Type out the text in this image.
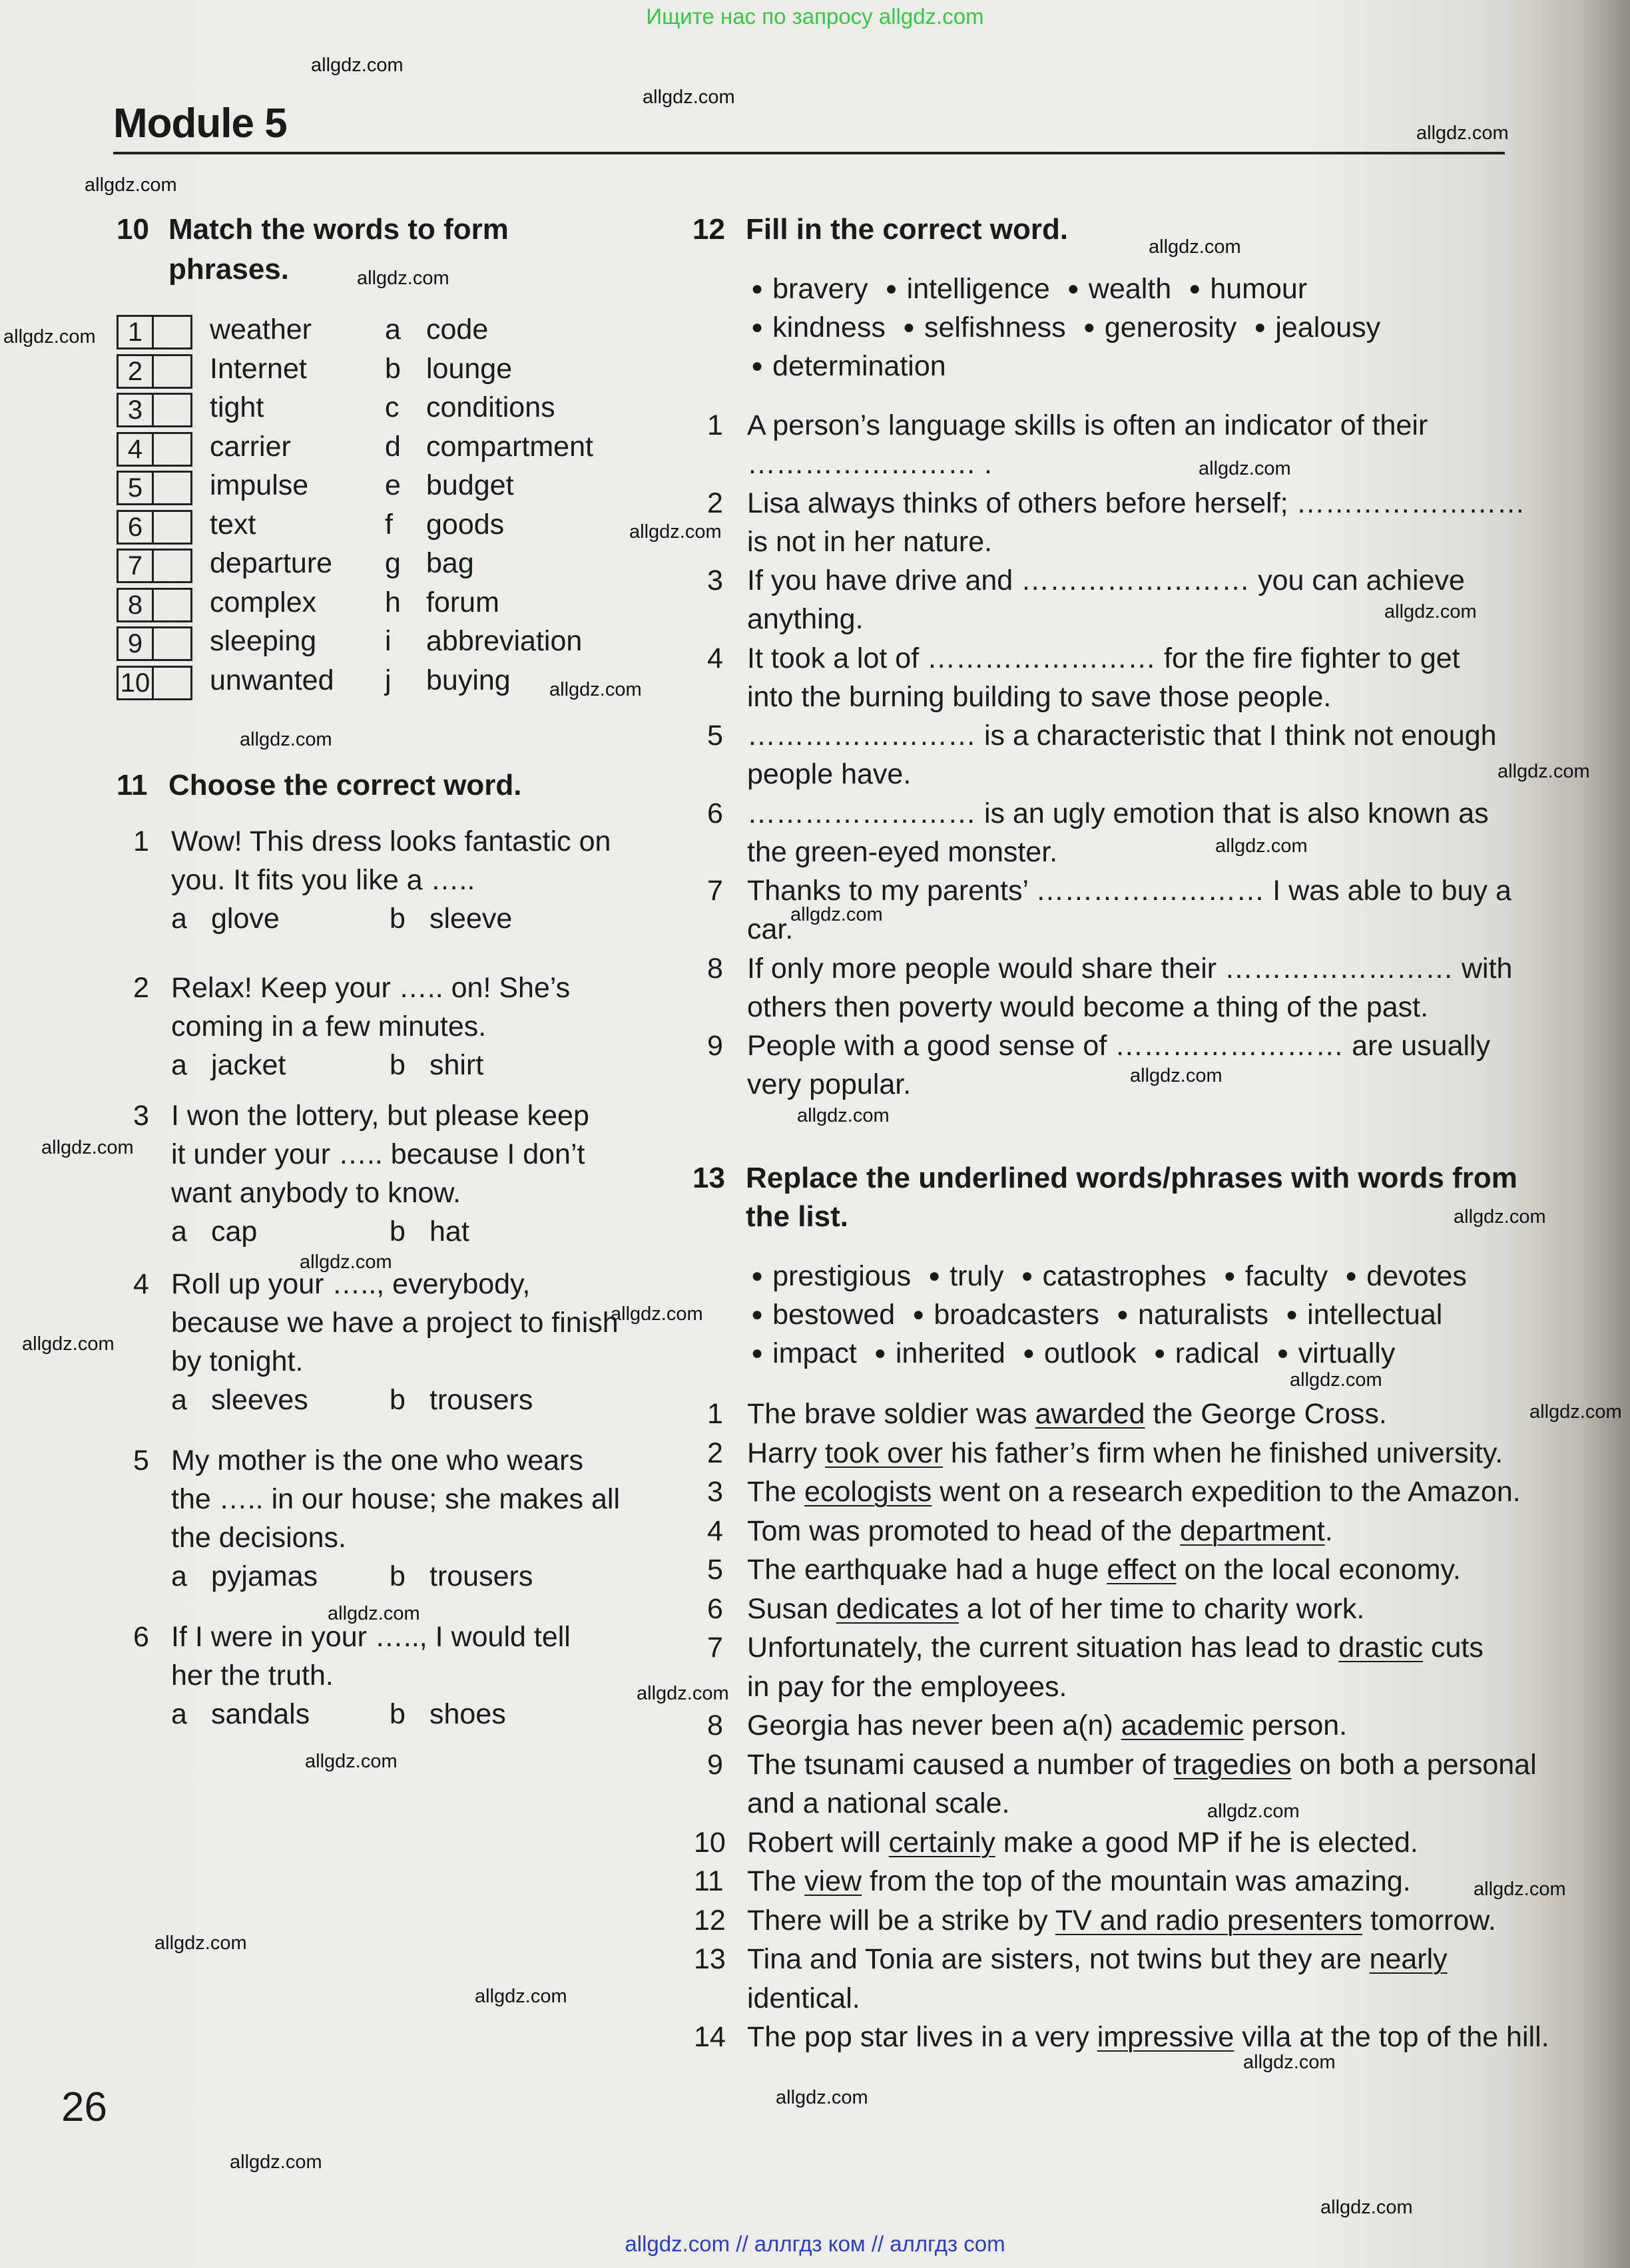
Ищите нас по запросу allgdz.com
allgdz.com
allgdz.com
allgdz.com
allgdz.com
allgdz.com
allgdz.com
allgdz.com
allgdz.com
allgdz.com
allgdz.com
allgdz.com
allgdz.com
allgdz.com
allgdz.com
allgdz.com
allgdz.com
allgdz.com
allgdz.com
allgdz.com
allgdz.com
allgdz.com
allgdz.com
allgdz.com
allgdz.com
allgdz.com
allgdz.com
allgdz.com
allgdz.com
allgdz.com
allgdz.com
allgdz.com
allgdz.com
allgdz.com
allgdz.com
allgdz.com
Module 5
10 Match the words to form
phrases.
1	weather	a code
2	Internet	b lounge
3	tight	c conditions
4	carrier	d compartment
5	impulse	e budget
6	text	f goods
7	departure g bag
8	complex h forum
9	sleeping i abbreviation
10 unwanted j buying
11 Choose the correct word.
1 Wow! This dress looks fantastic on
you. It fits you like a …..
a glove	b sleeve
2 Relax! Keep your ….. on! She’s
coming in a few minutes.
a jacket	b shirt
3 I won the lottery, but please keep
it under your ….. because I don’t
want anybody to know.
a cap	b hat
4 Roll up your ….., everybody,
because we have a project to finish
by tonight.
a sleeves	b trousers
5 My mother is the one who wears
the ….. in our house; she makes all
the decisions.
a pyjamas	b trousers
6 If I were in your ….., I would tell
her the truth.
a sandals	b shoes
12 Fill in the correct word.
● bravery ● intelligence ● wealth ● humour
● kindness ● selfishness ● generosity ● jealousy
● determination
1 A person’s language skills is often an indicator of their
…………………… .
2 Lisa always thinks of others before herself; ……………………
is not in her nature.
3 If you have drive and …………………… you can achieve
anything.
4 It took a lot of …………………… for the fire fighter to get
into the burning building to save those people.
5 …………………… is a characteristic that I think not enough
people have.
6 …………………… is an ugly emotion that is also known as
the green-eyed monster.
7 Thanks to my parents’ …………………… I was able to buy a
car.
8 If only more people would share their …………………… with
others then poverty would become a thing of the past.
9 People with a good sense of …………………… are usually
very popular.
13 Replace the underlined words/phrases with words from
the list.
● prestigious ● truly ● catastrophes ● faculty ● devotes
● bestowed ● broadcasters ● naturalists ● intellectual
● impact ● inherited ● outlook ● radical ● virtually
1 The brave soldier was awarded the George Cross.
2 Harry took over his father’s firm when he finished university.
3 The ecologists went on a research expedition to the Amazon.
4 Tom was promoted to head of the department.
5 The earthquake had a huge effect on the local economy.
6 Susan dedicates a lot of her time to charity work.
7 Unfortunately, the current situation has lead to drastic cuts
in pay for the employees.
8 Georgia has never been a(n) academic person.
9 The tsunami caused a number of tragedies on both a personal
and a national scale.
10 Robert will certainly make a good MP if he is elected.
11 The view from the top of the mountain was amazing.
12 There will be a strike by TV and radio presenters tomorrow.
13 Tina and Tonia are sisters, not twins but they are nearly
identical.
14 The pop star lives in a very impressive villa at the top of the hill.
26
allgdz.com // аллгдз ком // аллгдз com
